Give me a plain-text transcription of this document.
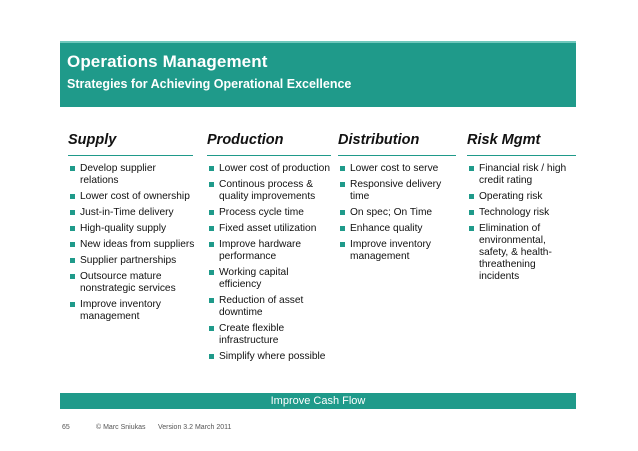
Operations Management
Strategies for Achieving Operational Excellence
Supply
Develop supplier relations
Lower cost of ownership
Just-in-Time delivery
High-quality supply
New ideas from suppliers
Supplier partnerships
Outsource mature nonstrategic services
Improve inventory management
Production
Lower cost of production
Continous process & quality improvements
Process cycle time
Fixed asset utilization
Improve hardware performance
Working capital efficiency
Reduction of asset downtime
Create flexible infrastructure
Simplify where possible
Distribution
Lower cost to serve
Responsive delivery time
On spec; On Time
Enhance quality
Improve inventory management
Risk Mgmt
Financial risk / high credit rating
Operating risk
Technology risk
Elimination of environmental, safety, & health-threathening incidents
Improve Cash Flow
65	© Marc Sniukas Version 3.2 March 2011
